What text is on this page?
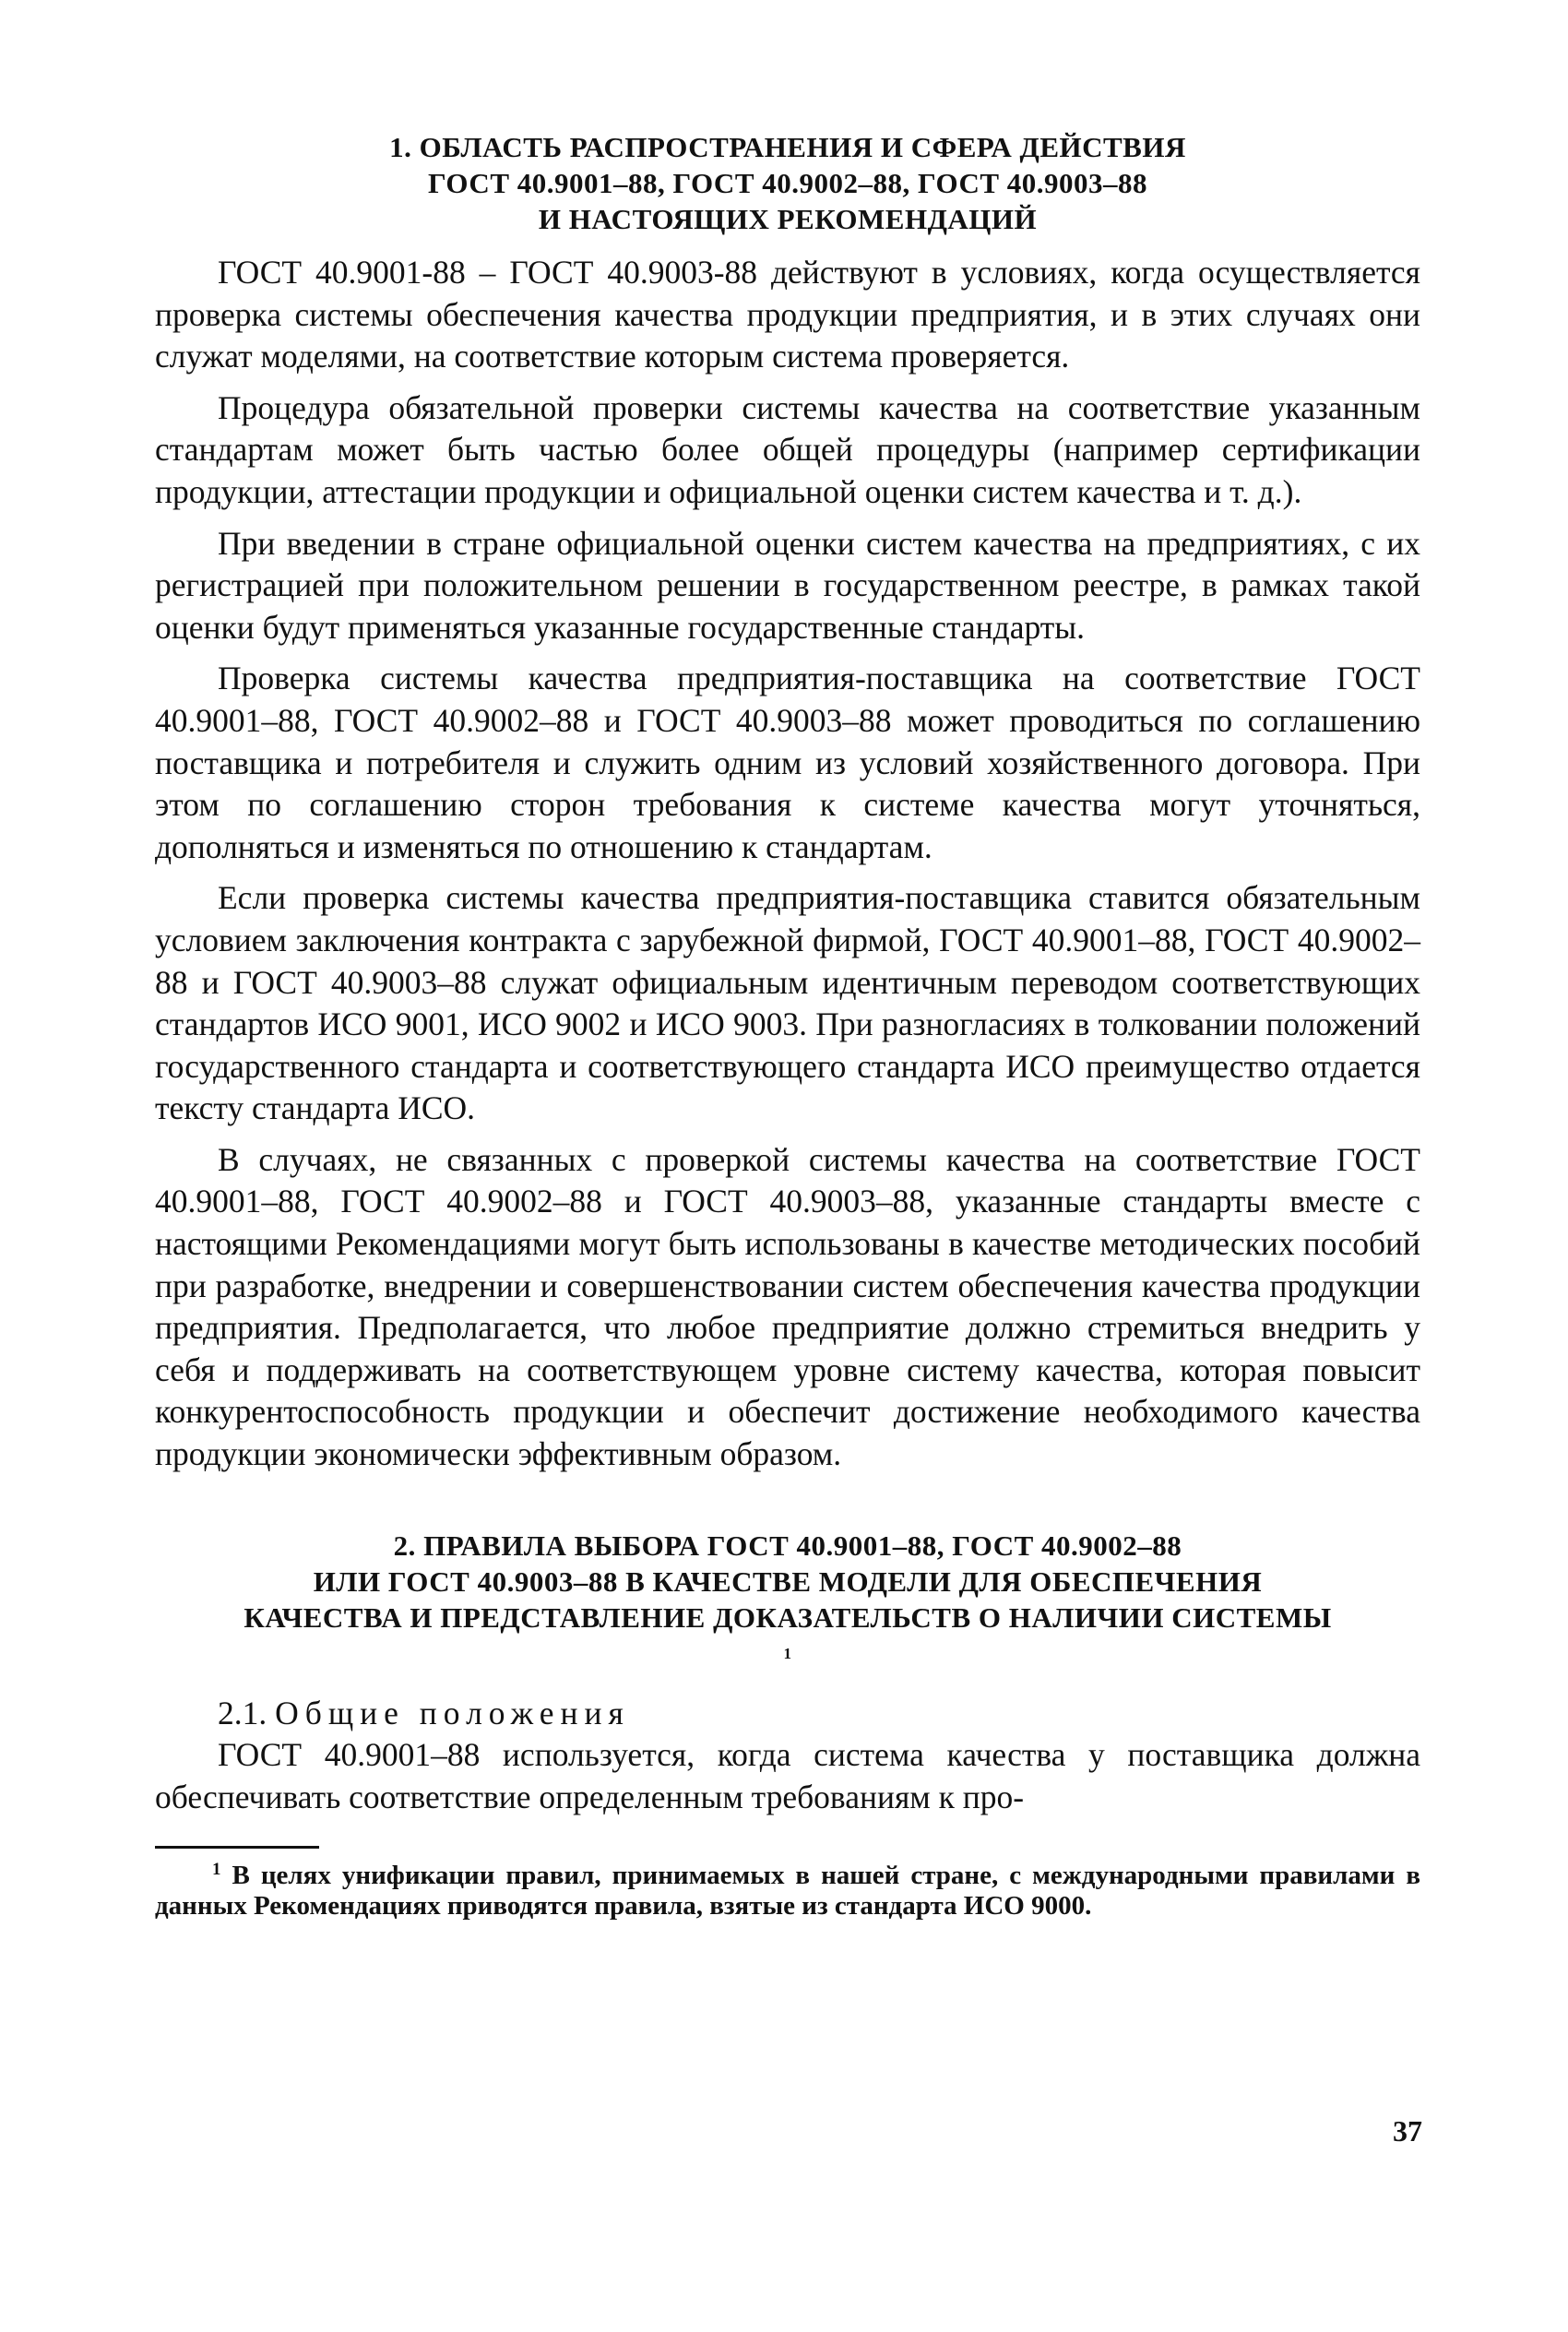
1. ОБЛАСТЬ РАСПРОСТРАНЕНИЯ И СФЕРА ДЕЙСТВИЯ
ГОСТ 40.9001–88, ГОСТ 40.9002–88, ГОСТ 40.9003–88
И НАСТОЯЩИХ РЕКОМЕНДАЦИЙ

ГОСТ 40.9001-88 – ГОСТ 40.9003-88 действуют в условиях, когда осуществляется проверка системы обеспечения качества продукции предприятия, и в этих случаях они служат моделями, на соответствие которым система проверяется.

Процедура обязательной проверки системы качества на соответствие указанным стандартам может быть частью более общей процедуры (например сертификации продукции, аттестации продукции и официальной оценки систем качества и т. д.).

При введении в стране официальной оценки систем качества на предприятиях, с их регистрацией при положительном решении в государственном реестре, в рамках такой оценки будут применяться указанные государственные стандарты.

Проверка системы качества предприятия-поставщика на соответствие ГОСТ 40.9001–88, ГОСТ 40.9002–88 и ГОСТ 40.9003–88 может проводиться по соглашению поставщика и потребителя и служить одним из условий хозяйственного договора. При этом по соглашению сторон требования к системе качества могут уточняться, дополняться и изменяться по отношению к стандартам.

Если проверка системы качества предприятия-поставщика ставится обязательным условием заключения контракта с зарубежной фирмой, ГОСТ 40.9001–88, ГОСТ 40.9002–88 и ГОСТ 40.9003–88 служат официальным идентичным переводом соответствующих стандартов ИСО 9001, ИСО 9002 и ИСО 9003. При разногласиях в толковании положений государственного стандарта и соответствующего стандарта ИСО преимущество отдается тексту стандарта ИСО.

В случаях, не связанных с проверкой системы качества на соответствие ГОСТ 40.9001–88, ГОСТ 40.9002–88 и ГОСТ 40.9003–88, указанные стандарты вместе с настоящими Рекомендациями могут быть использованы в качестве методических пособий при разработке, внедрении и совершенствовании систем обеспечения качества продукции предприятия. Предполагается, что любое предприятие должно стремиться внедрить у себя и поддерживать на соответствующем уровне систему качества, которая повысит конкурентоспособность продукции и обеспечит достижение необходимого качества продукции экономически эффективным образом.

2. ПРАВИЛА ВЫБОРА ГОСТ 40.9001–88, ГОСТ 40.9002–88
ИЛИ ГОСТ 40.9003–88 В КАЧЕСТВЕ МОДЕЛИ ДЛЯ ОБЕСПЕЧЕНИЯ
КАЧЕСТВА И ПРЕДСТАВЛЕНИЕ ДОКАЗАТЕЛЬСТВ О НАЛИЧИИ СИСТЕМЫ
$^1$
2.1. Общие положения

ГОСТ 40.9001–88 используется, когда система качества у поставщика должна обеспечивать соответствие определенным требованиям к про-

$^1$ В целях унификации правил, принимаемых в нашей стране, с международными правилами в данных Рекомендациях приводятся правила, взятые из стандарта ИСО 9000.

37
